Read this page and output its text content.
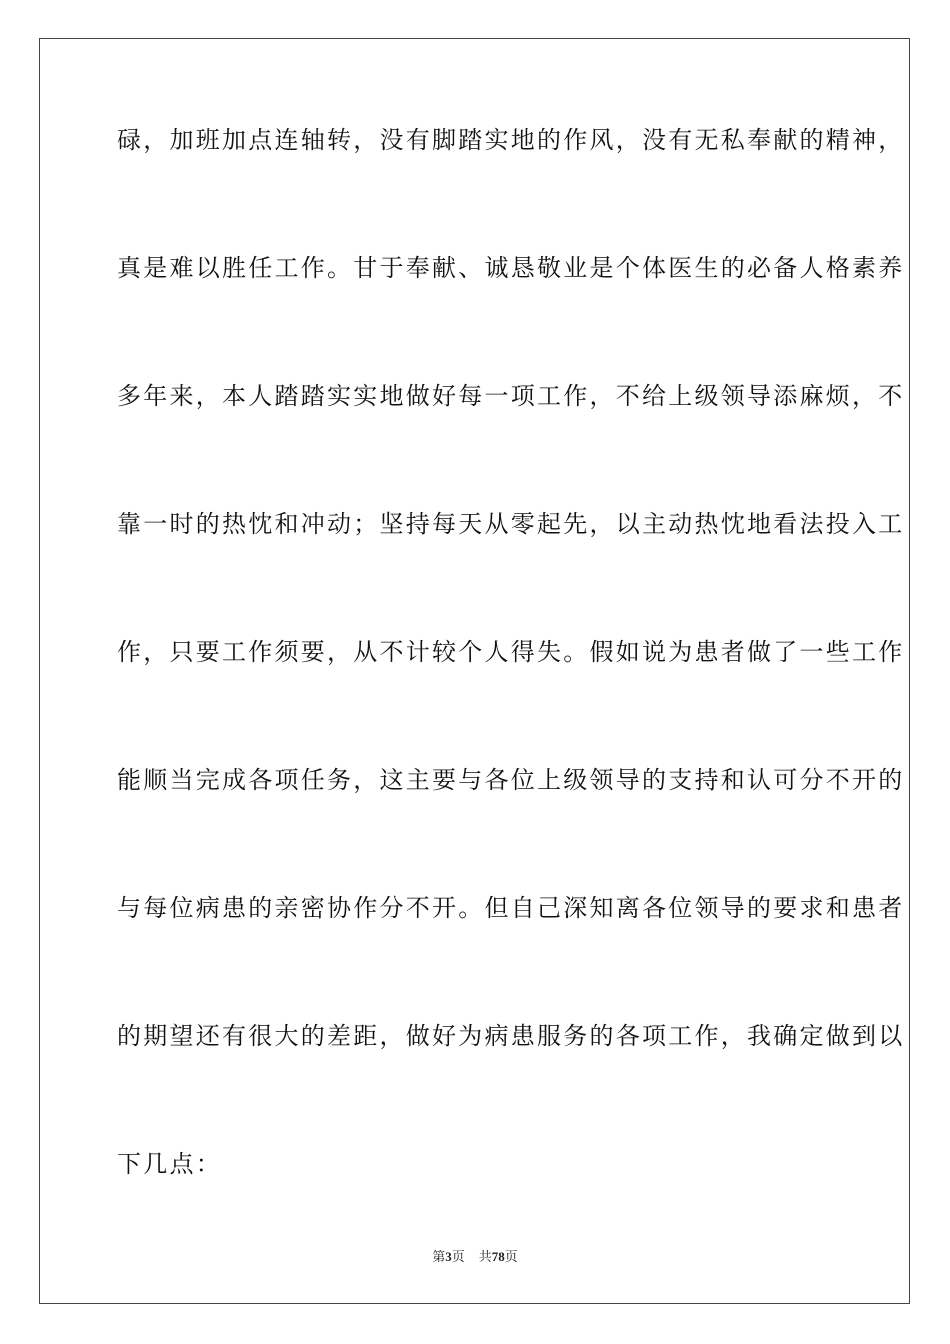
碌，加班加点连轴转，没有脚踏实地的作风，没有无私奉献的精神，
真是难以胜任工作。甘于奉献、诚恳敬业是个体医生的必备人格素养
多年来，本人踏踏实实地做好每一项工作，不给上级领导添麻烦，不
靠一时的热忱和冲动；坚持每天从零起先，以主动热忱地看法投入工
作，只要工作须要，从不计较个人得失。假如说为患者做了一些工作
能顺当完成各项任务，这主要与各位上级领导的支持和认可分不开的
与每位病患的亲密协作分不开。但自己深知离各位领导的要求和患者
的期望还有很大的差距，做好为病患服务的各项工作，我确定做到以
下几点：
第3页 共78页
